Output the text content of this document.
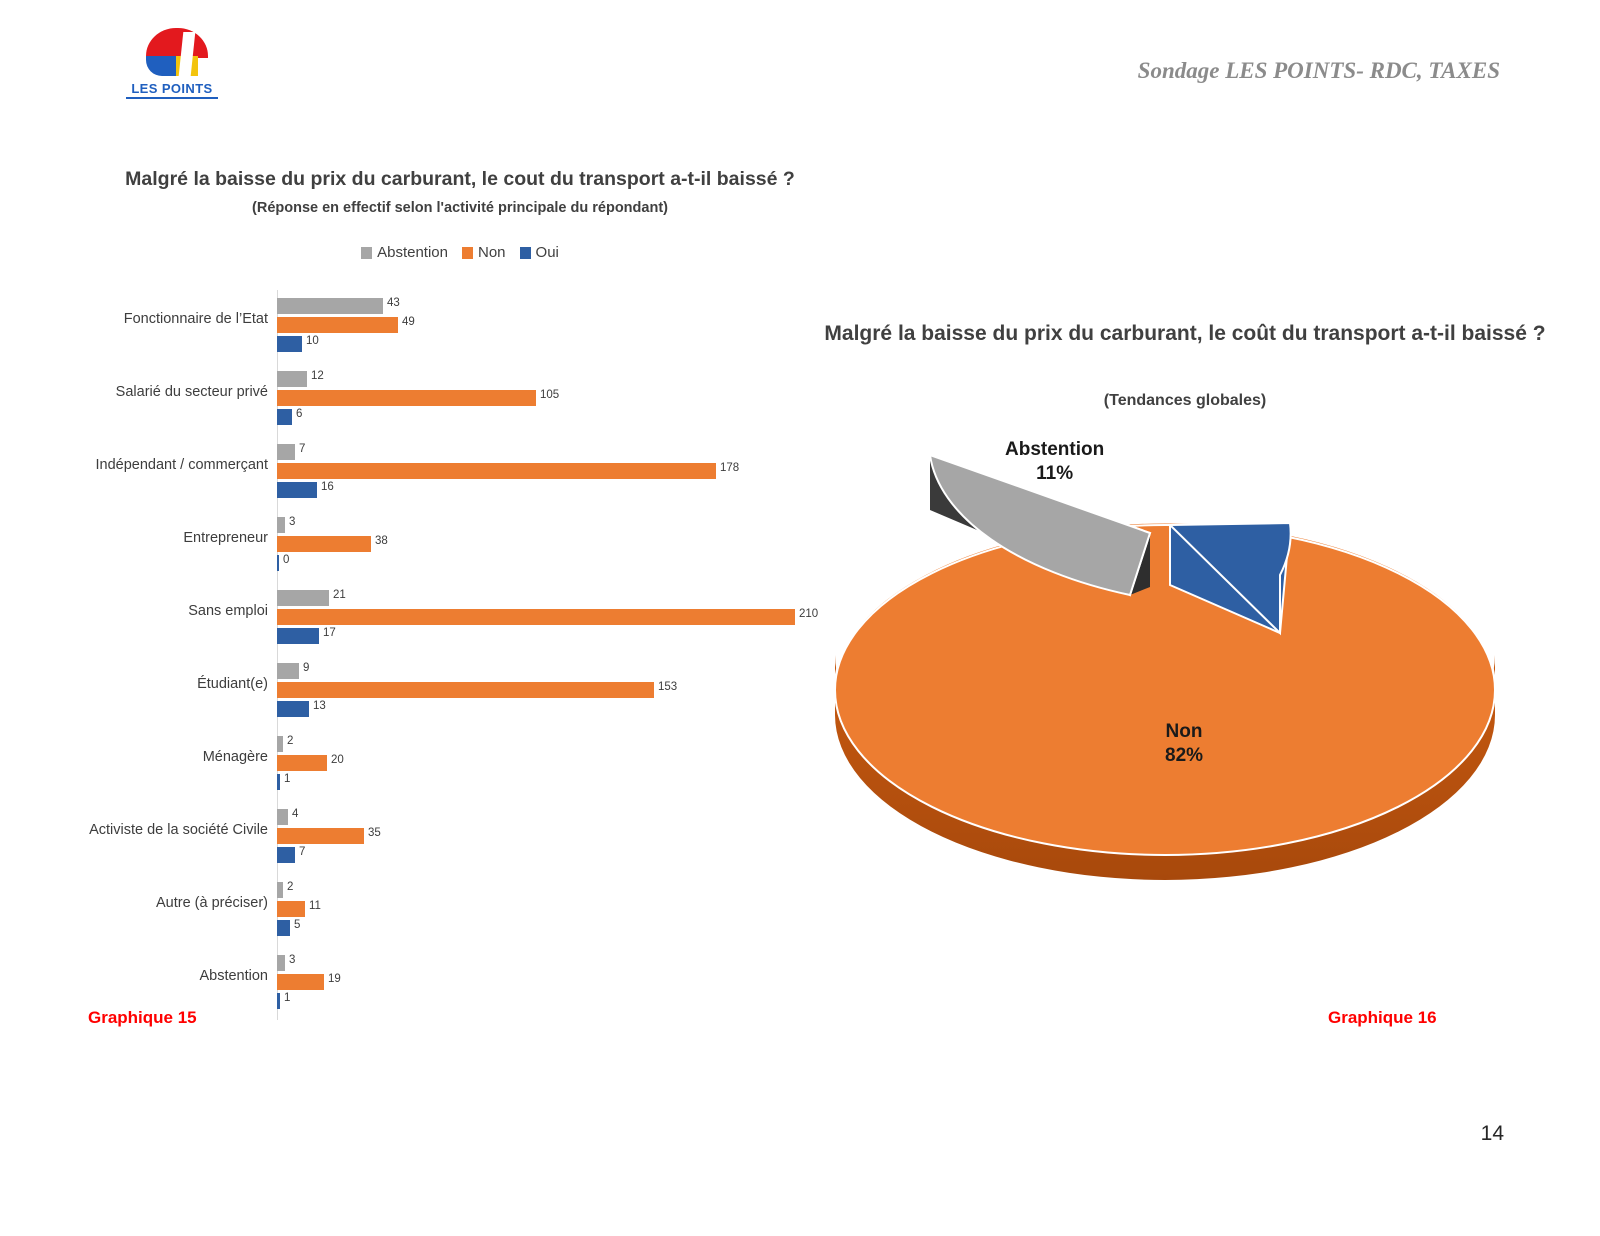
LES POINTS
Sondage LES POINTS- RDC, TAXES
Malgré la baisse du prix du carburant, le cout du transport a-t-il baissé ?
(Réponse en effectif selon l'activité principale du répondant)
Abstention Non Oui
Fonctionnaire de l’Etat
43
49
10
Salarié du secteur privé
12
105
6
Indépendant / commerçant
7
178
16
Entrepreneur
3
38
0
Sans emploi
21
210
17
Étudiant(e)
9
153
13
Ménagère
2
20
1
Activiste de la société Civile
4
35
7
Autre (à préciser)
2
11
5
Abstention
3
19
1
Graphique 15
Malgré la baisse du prix du carburant, le coût du transport a-t-il baissé ?
(Tendances globales)
Abstention
11%
Oui
7%
Non
82%
Graphique 16
14
